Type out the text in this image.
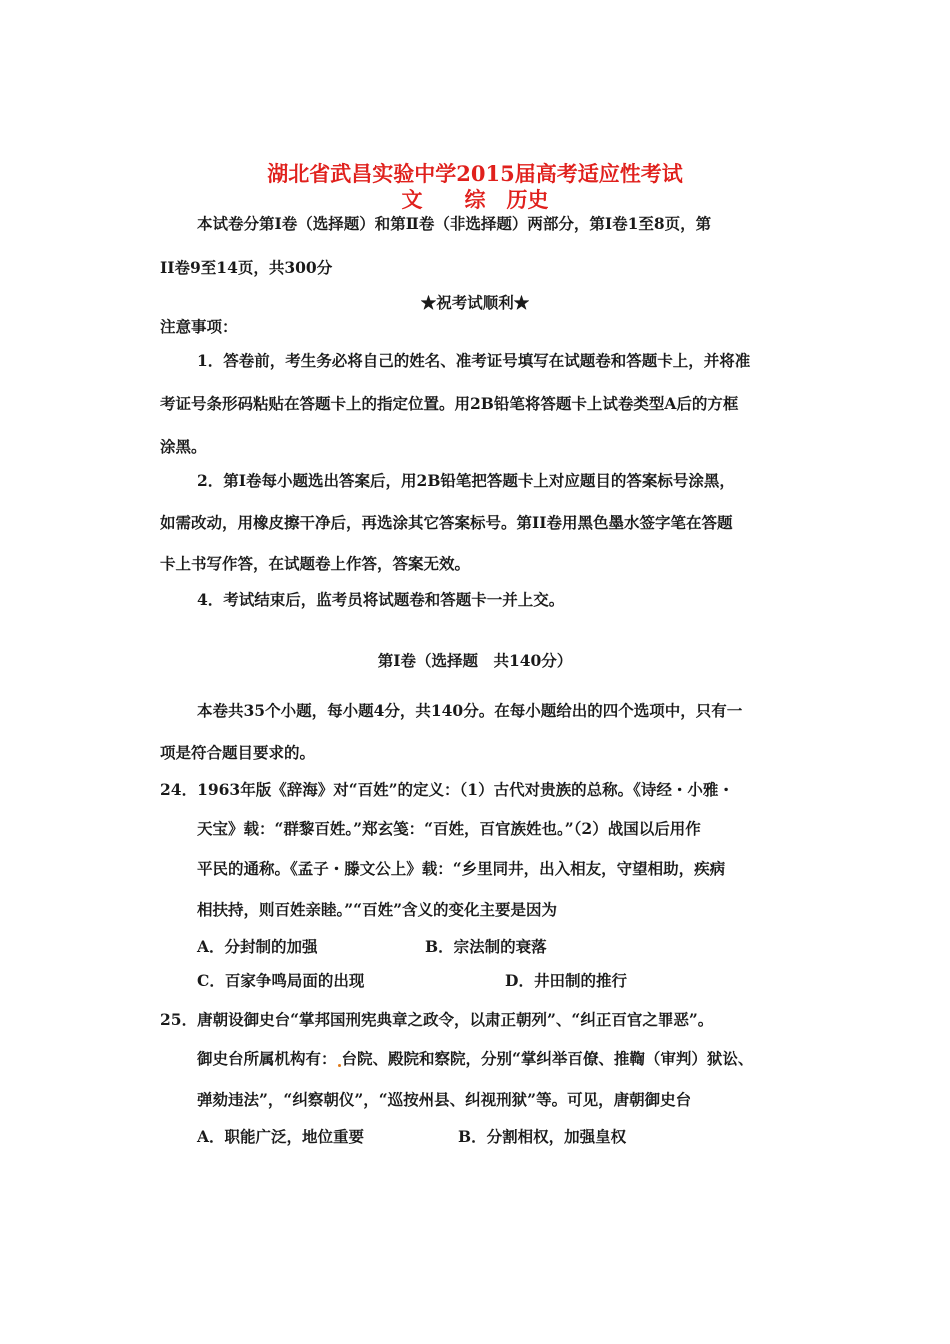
湖北省武昌实验中学2015届高考适应性考试
文　　综　历史
本试卷分第Ⅰ卷（选择题）和第Ⅱ卷（非选择题）两部分，第Ⅰ卷1至8页，第
II卷9至14页，共300分
★祝考试顺利★
注意事项：
1．答卷前，考生务必将自己的姓名、准考证号填写在试题卷和答题卡上，并将准
考证号条形码粘贴在答题卡上的指定位置。用2B铅笔将答题卡上试卷类型A后的方框
涂黑。
2．第Ⅰ卷每小题选出答案后，用2B铅笔把答题卡上对应题目的答案标号涂黑，
如需改动，用橡皮擦干净后，再选涂其它答案标号。第II卷用黑色墨水签字笔在答题
卡上书写作答，在试题卷上作答，答案无效。
4．考试结束后，监考员将试题卷和答题卡一并上交。
第Ⅰ卷（选择题　共140分）
本卷共35个小题，每小题4分，共140分。在每小题给出的四个选项中，只有一
项是符合题目要求的。
24．1963年版《辞海》对“百姓”的定义：（1）古代对贵族的总称。《诗经・小雅・
天宝》载：“群黎百姓。”郑玄笺：“百姓，百官族姓也。”（2）战国以后用作
平民的通称。《孟子・滕文公上》载：“乡里同井，出入相友，守望相助，疾病
相扶持，则百姓亲睦。”“百姓”含义的变化主要是因为
A．分封制的加强	B．宗法制的衰落
C．百家争鸣局面的出现	D．井田制的推行
25．唐朝设御史台“掌邦国刑宪典章之政令，以肃正朝列”、“纠正百官之罪恶”。
御史台所属机构有： 台院、殿院和察院，分别“掌纠举百僚、推鞫（审判）狱讼、
弹劾违法”，“纠察朝仪”，“巡按州县、纠视刑狱”等。可见，唐朝御史台
A．职能广泛，地位重要	B．分割相权，加强皇权
